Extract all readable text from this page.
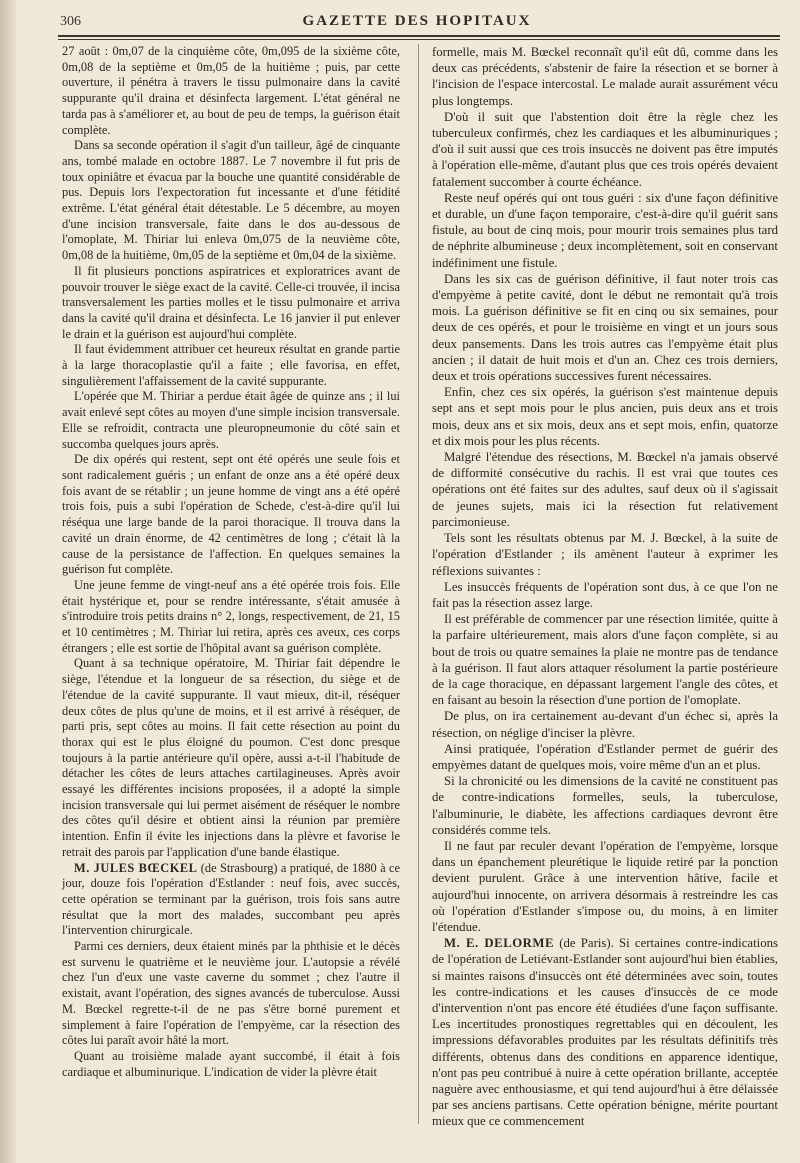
306	GAZETTE DES HOPITAUX

27 août : 0m,07 de la cinquième côte, 0m,095 de la sixième côte, 0m,08 de la septième et 0m,05 de la huitième ; puis, par cette ouverture, il pénétra à travers le tissu pulmonaire dans la cavité suppurante qu'il draina et désinfecta largement. L'état général ne tarda pas à s'améliorer et, au bout de peu de temps, la guérison était complète.

Dans sa seconde opération il s'agit d'un tailleur, âgé de cinquante ans, tombé malade en octobre 1887. Le 7 novembre il fut pris de toux opiniâtre et évacua par la bouche une quantité considérable de pus. Depuis lors l'expectoration fut incessante et d'une fétidité extrême. L'état général était détestable. Le 5 décembre, au moyen d'une incision transversale, faite dans le dos au-dessous de l'omoplate, M. Thiriar lui enleva 0m,075 de la neuvième côte, 0m,08 de la huitième, 0m,05 de la septième et 0m,04 de la sixième.

Il fit plusieurs ponctions aspiratrices et exploratrices avant de pouvoir trouver le siège exact de la cavité. Celle-ci trouvée, il incisa transversalement les parties molles et le tissu pulmonaire et arriva dans la cavité qu'il draina et désinfecta. Le 16 janvier il put enlever le drain et la guérison est aujourd'hui complète.

Il faut évidemment attribuer cet heureux résultat en grande partie à la large thoracoplastie qu'il a faite ; elle favorisa, en effet, singulièrement l'affaissement de la cavité suppurante.

L'opérée que M. Thiriar a perdue était âgée de quinze ans ; il lui avait enlevé sept côtes au moyen d'une simple incision transversale. Elle se refroidit, contracta une pleuropneumonie du côté sain et succomba quelques jours après.

De dix opérés qui restent, sept ont été opérés une seule fois et sont radicalement guéris ; un enfant de onze ans a été opéré deux fois avant de se rétablir ; un jeune homme de vingt ans a été opéré trois fois, puis a subi l'opération de Schede, c'est-à-dire qu'il lui réséqua une large bande de la paroi thoracique. Il trouva dans la cavité un drain énorme, de 42 centimètres de long ; c'était là la cause de la persistance de l'affection. En quelques semaines la guérison fut complète.

Une jeune femme de vingt-neuf ans a été opérée trois fois. Elle était hystérique et, pour se rendre intéressante, s'était amusée à s'introduire trois petits drains n° 2, longs, respectivement, de 21, 15 et 10 centimètres ; M. Thiriar lui retira, après ces aveux, ces corps étrangers ; elle est sortie de l'hôpital avant sa guérison complète.

Quant à sa technique opératoire, M. Thiriar fait dépendre le siège, l'étendue et la longueur de sa résection, du siège et de l'étendue de la cavité suppurante. Il vaut mieux, dit-il, réséquer deux côtes de plus qu'une de moins, et il est arrivé à réséquer, de parti pris, sept côtes au moins. Il fait cette résection au point du thorax qui est le plus éloigné du poumon. C'est donc presque toujours à la partie antérieure qu'il opère, aussi a-t-il l'habitude de détacher les côtes de leurs attaches cartilagineuses. Après avoir essayé les différentes incisions proposées, il a adopté la simple incision transversale qui lui permet aisément de réséquer le nombre des côtes qu'il désire et obtient ainsi la réunion par première intention. Enfin il évite les injections dans la plèvre et favorise le retrait des parois par l'application d'une bande élastique.

M. JULES BŒCKEL (de Strasbourg) a pratiqué, de 1880 à ce jour, douze fois l'opération d'Estlander : neuf fois, avec succès, cette opération se terminant par la guérison, trois fois sans autre résultat que la mort des malades, succombant peu après l'intervention chirurgicale.

Parmi ces derniers, deux étaient minés par la phthisie et le décès est survenu le quatrième et le neuvième jour. L'autopsie a révélé chez l'un d'eux une vaste caverne du sommet ; chez l'autre il existait, avant l'opération, des signes avancés de tuberculose. Aussi M. Bœckel regrette-t-il de ne pas s'être borné purement et simplement à faire l'opération de l'empyème, car la résection des côtes lui paraît avoir hâté la mort.

Quant au troisième malade ayant succombé, il était à fois cardiaque et albuminurique. L'indication de vider la plèvre était

formelle, mais M. Bœckel reconnaît qu'il eût dû, comme dans les deux cas précédents, s'abstenir de faire la résection et se borner à l'incision de l'espace intercostal. Le malade aurait assurément vécu plus longtemps.

D'où il suit que l'abstention doit être la règle chez les tuberculeux confirmés, chez les cardiaques et les albuminuriques ; d'où il suit aussi que ces trois insuccès ne doivent pas être imputés à l'opération elle-même, d'autant plus que ces trois opérés devaient fatalement succomber à courte échéance.

Reste neuf opérés qui ont tous guéri : six d'une façon définitive et durable, un d'une façon temporaire, c'est-à-dire qu'il guérit sans fistule, au bout de cinq mois, pour mourir trois semaines plus tard de néphrite albumineuse ; deux incomplètement, soit en conservant indéfiniment une fistule.

Dans les six cas de guérison définitive, il faut noter trois cas d'empyème à petite cavité, dont le début ne remontait qu'à trois mois. La guérison définitive se fit en cinq ou six semaines, pour deux de ces opérés, et pour le troisième en vingt et un jours sous deux pansements. Dans les trois autres cas l'empyème était plus ancien ; il datait de huit mois et d'un an. Chez ces trois derniers, deux et trois opérations successives furent nécessaires.

Enfin, chez ces six opérés, la guérison s'est maintenue depuis sept ans et sept mois pour le plus ancien, puis deux ans et trois mois, deux ans et six mois, deux ans et sept mois, enfin, quatorze et dix mois pour les plus récents.

Malgré l'étendue des résections, M. Bœckel n'a jamais observé de difformité consécutive du rachis. Il est vrai que toutes ces opérations ont été faites sur des adultes, sauf deux où il s'agissait de jeunes sujets, mais ici la résection fut relativement parcimonieuse.

Tels sont les résultats obtenus par M. J. Bœckel, à la suite de l'opération d'Estlander ; ils amènent l'auteur à exprimer les réflexions suivantes :

Les insuccès fréquents de l'opération sont dus, à ce que l'on ne fait pas la résection assez large.

Il est préférable de commencer par une résection limitée, quitte à la parfaire ultérieurement, mais alors d'une façon complète, si au bout de trois ou quatre semaines la plaie ne montre pas de tendance à la guérison. Il faut alors attaquer résolument la partie postérieure de la cage thoracique, en dépassant largement l'angle des côtes, et en faisant au besoin la résection d'une portion de l'omoplate.

De plus, on ira certainement au-devant d'un échec si, après la résection, on néglige d'inciser la plèvre.

Ainsi pratiquée, l'opération d'Estlander permet de guérir des empyèmes datant de quelques mois, voire même d'un an et plus.

Si la chronicité ou les dimensions de la cavité ne constituent pas de contre-indications formelles, seuls, la tuberculose, l'albuminurie, le diabète, les affections cardiaques devront être considérés comme tels.

Il ne faut par reculer devant l'opération de l'empyème, lorsque dans un épanchement pleurétique le liquide retiré par la ponction devient purulent. Grâce à une intervention hâtive, facile et aujourd'hui innocente, on arrivera désormais à restreindre les cas où l'opération d'Estlander s'impose ou, du moins, à en limiter l'étendue.

M. E. DELORME (de Paris). Si certaines contre-indications de l'opération de Letiévant-Estlander sont aujourd'hui bien établies, si maintes raisons d'insuccès ont été déterminées avec soin, toutes les contre-indications et les causes d'insuccès de ce mode d'intervention n'ont pas encore été étudiées d'une façon suffisante. Les incertitudes pronostiques regrettables qui en découlent, les impressions défavorables produites par les résultats définitifs très différents, obtenus dans des conditions en apparence identique, n'ont pas peu contribué à nuire à cette opération brillante, acceptée naguère avec enthousiasme, et qui tend aujourd'hui à être délaissée par ses anciens partisans. Cette opération bénigne, mérite pourtant mieux que ce commencement
